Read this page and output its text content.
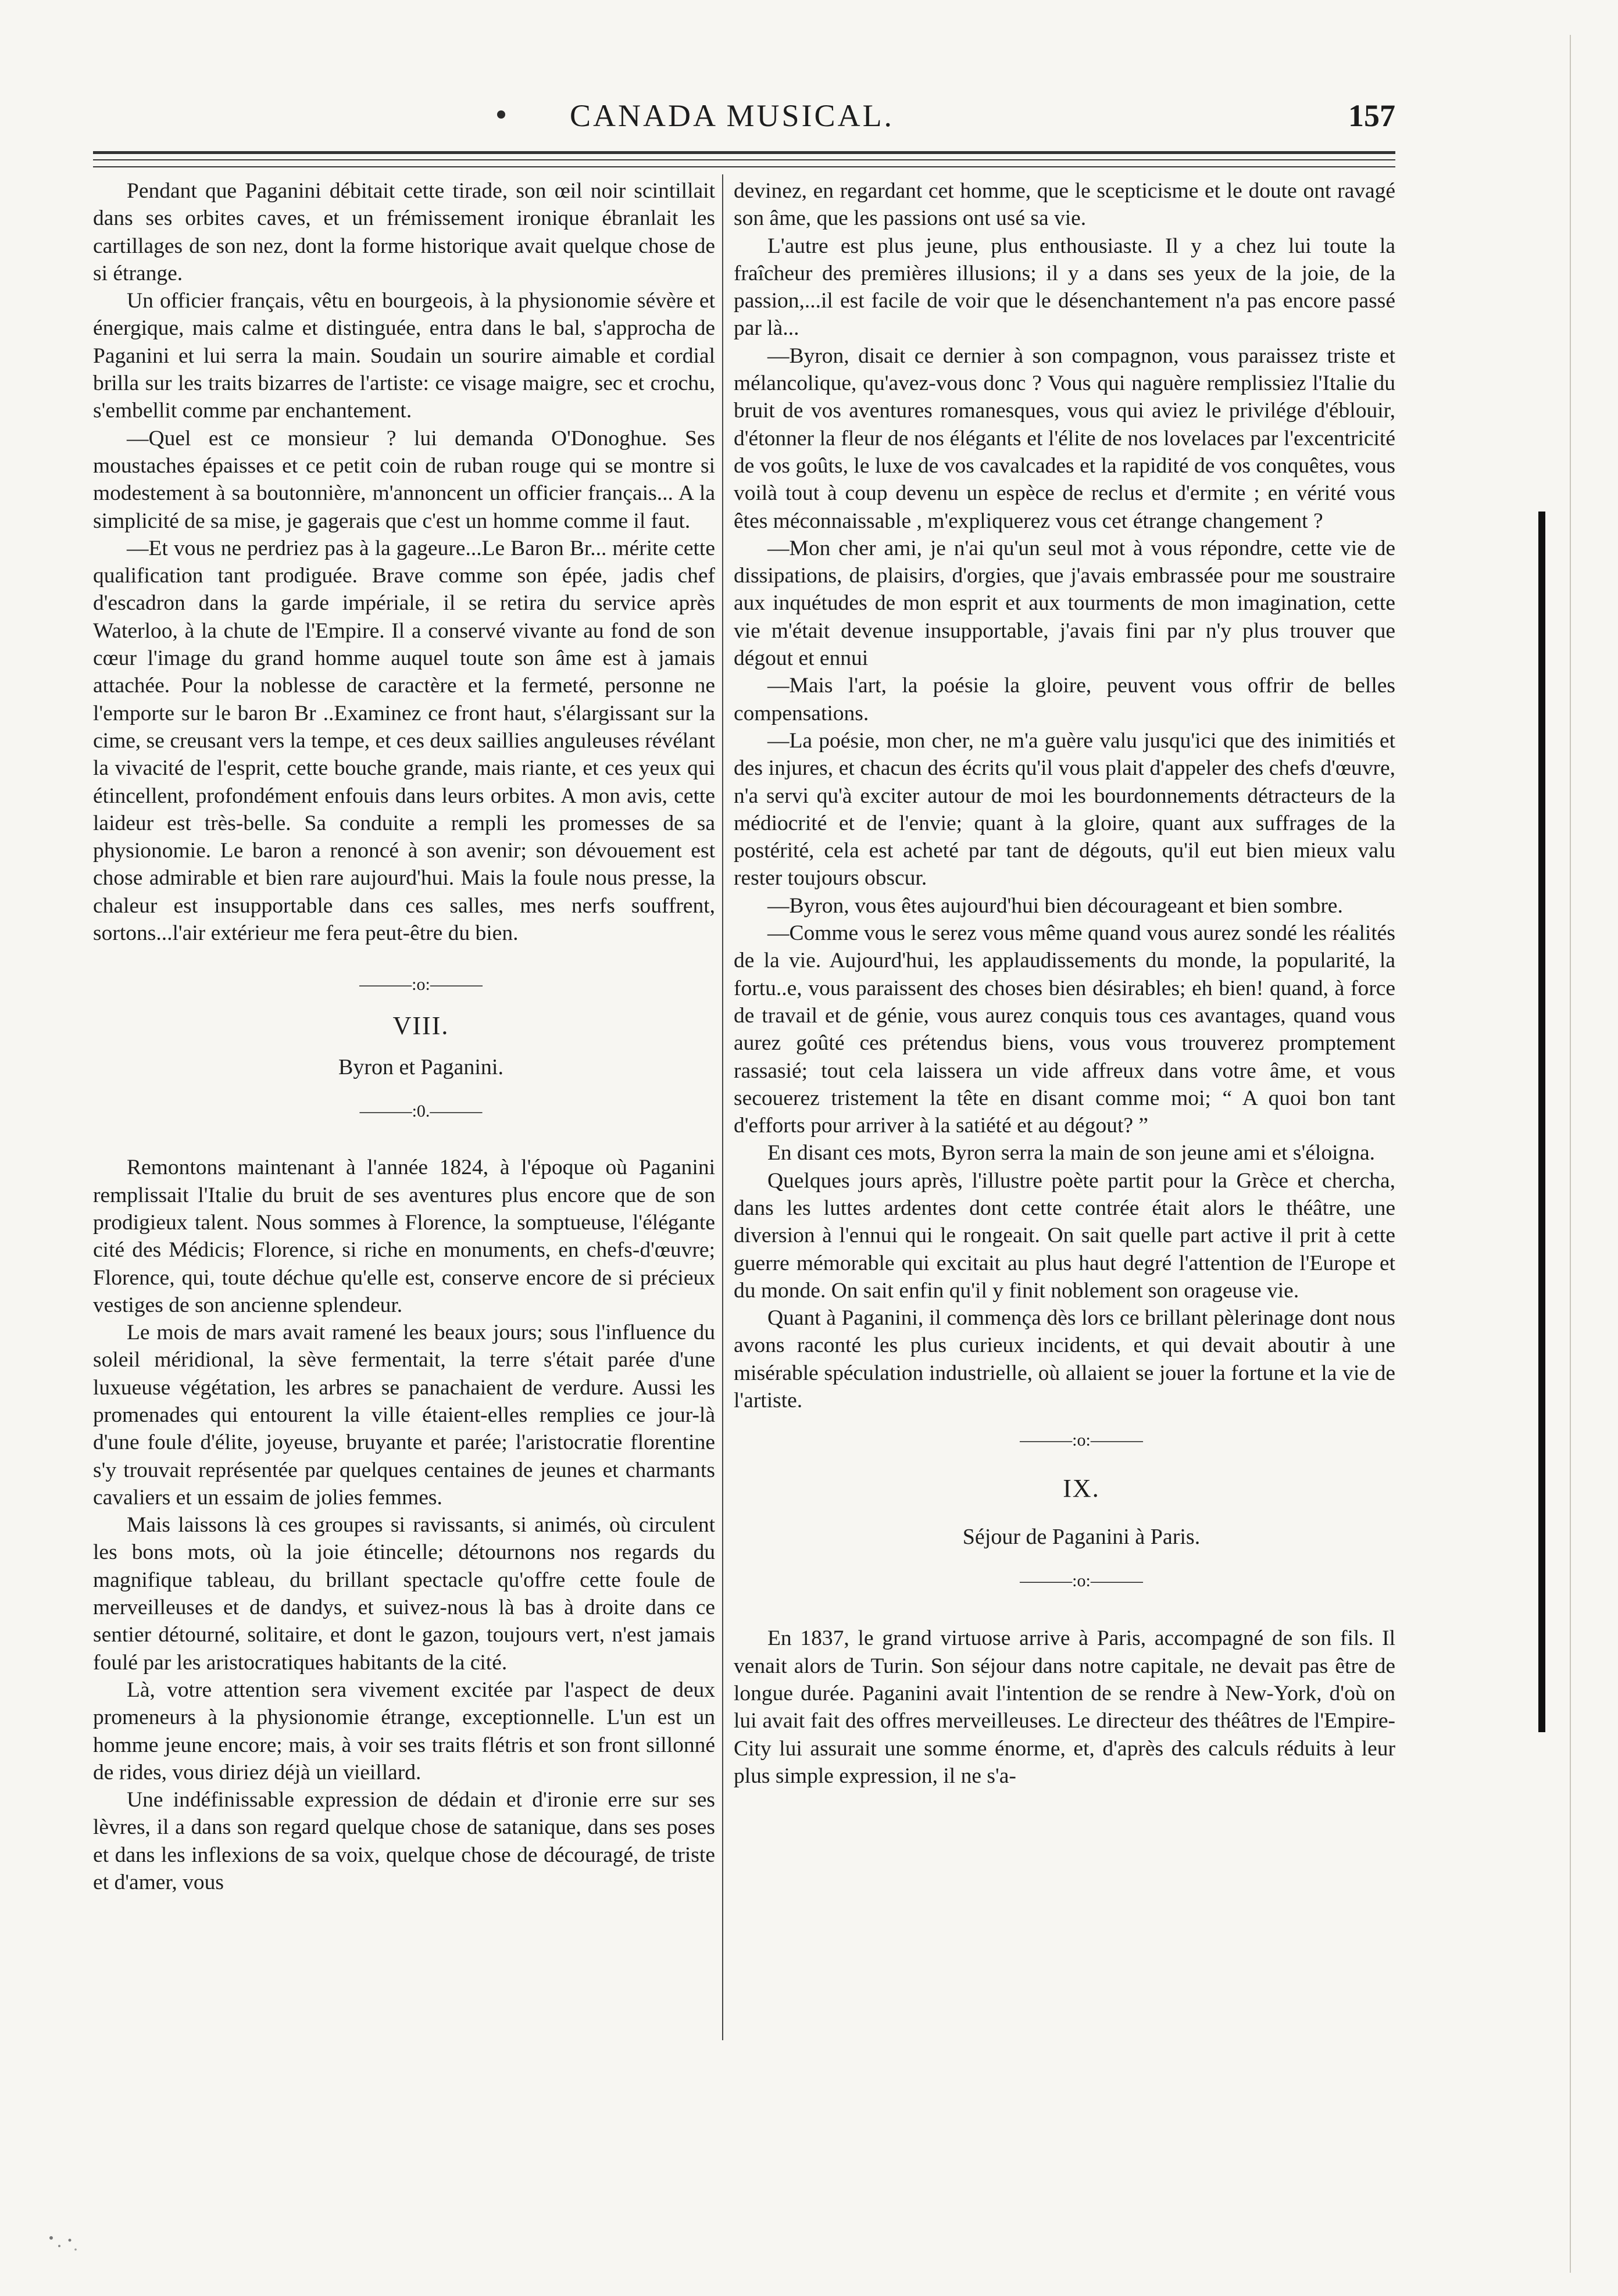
CANADA MUSICAL.	157

Pendant que Paganini débitait cette tirade, son œil noir scintillait dans ses orbites caves, et un frémissement ironique ébranlait les cartillages de son nez, dont la forme historique avait quelque chose de si étrange.

Un officier français, vêtu en bourgeois, à la physionomie sévère et énergique, mais calme et distinguée, entra dans le bal, s'approcha de Paganini et lui serra la main. Soudain un sourire aimable et cordial brilla sur les traits bizarres de l'artiste: ce visage maigre, sec et crochu, s'embellit comme par enchantement.

—Quel est ce monsieur ? lui demanda O'Donoghue. Ses moustaches épaisses et ce petit coin de ruban rouge qui se montre si modestement à sa boutonnière, m'annoncent un officier français... A la simplicité de sa mise, je gagerais que c'est un homme comme il faut.

—Et vous ne perdriez pas à la gageure...Le Baron Br... mérite cette qualification tant prodiguée. Brave comme son épée, jadis chef d'escadron dans la garde impériale, il se retira du service après Waterloo, à la chute de l'Empire. Il a conservé vivante au fond de son cœur l'image du grand homme auquel toute son âme est à jamais attachée. Pour la noblesse de caractère et la fermeté, personne ne l'emporte sur le baron Br ..Examinez ce front haut, s'élargissant sur la cime, se creusant vers la tempe, et ces deux saillies anguleuses révélant la vivacité de l'esprit, cette bouche grande, mais riante, et ces yeux qui étincellent, profondément enfouis dans leurs orbites. A mon avis, cette laideur est très-belle. Sa conduite a rempli les promesses de sa physionomie. Le baron a renoncé à son avenir; son dévouement est chose admirable et bien rare aujourd'hui. Mais la foule nous presse, la chaleur est insupportable dans ces salles, mes nerfs souffrent, sortons...l'air extérieur me fera peut-être du bien.

———:o:———

VIII.

Byron et Paganini.

———:0.———

Remontons maintenant à l'année 1824, à l'époque où Paganini remplissait l'Italie du bruit de ses aventures plus encore que de son prodigieux talent. Nous sommes à Florence, la somptueuse, l'élégante cité des Médicis; Florence, si riche en monuments, en chefs-d'œuvre; Florence, qui, toute déchue qu'elle est, conserve encore de si précieux vestiges de son ancienne splendeur.

Le mois de mars avait ramené les beaux jours; sous l'influence du soleil méridional, la sève fermentait, la terre s'était parée d'une luxueuse végétation, les arbres se panachaient de verdure. Aussi les promenades qui entourent la ville étaient-elles remplies ce jour-là d'une foule d'élite, joyeuse, bruyante et parée; l'aristocratie florentine s'y trouvait représentée par quelques centaines de jeunes et charmants cavaliers et un essaim de jolies femmes.

Mais laissons là ces groupes si ravissants, si animés, où circulent les bons mots, où la joie étincelle; détournons nos regards du magnifique tableau, du brillant spectacle qu'offre cette foule de merveilleuses et de dandys, et suivez-nous là bas à droite dans ce sentier détourné, solitaire, et dont le gazon, toujours vert, n'est jamais foulé par les aristocratiques habitants de la cité.

Là, votre attention sera vivement excitée par l'aspect de deux promeneurs à la physionomie étrange, exceptionnelle. L'un est un homme jeune encore; mais, à voir ses traits flétris et son front sillonné de rides, vous diriez déjà un vieillard.

Une indéfinissable expression de dédain et d'ironie erre sur ses lèvres, il a dans son regard quelque chose de satanique, dans ses poses et dans les inflexions de sa voix, quelque chose de découragé, de triste et d'amer, vous

devinez, en regardant cet homme, que le scepticisme et le doute ont ravagé son âme, que les passions ont usé sa vie.

L'autre est plus jeune, plus enthousiaste. Il y a chez lui toute la fraîcheur des premières illusions; il y a dans ses yeux de la joie, de la passion,...il est facile de voir que le désenchantement n'a pas encore passé par là...

—Byron, disait ce dernier à son compagnon, vous paraissez triste et mélancolique, qu'avez-vous donc ? Vous qui naguère remplissiez l'Italie du bruit de vos aventures romanesques, vous qui aviez le privilége d'éblouir, d'étonner la fleur de nos élégants et l'élite de nos lovelaces par l'excentricité de vos goûts, le luxe de vos cavalcades et la rapidité de vos conquêtes, vous voilà tout à coup devenu un espèce de reclus et d'ermite ; en vérité vous êtes méconnaissable , m'expliquerez vous cet étrange changement ?

—Mon cher ami, je n'ai qu'un seul mot à vous répondre, cette vie de dissipations, de plaisirs, d'orgies, que j'avais embrassée pour me soustraire aux inquétudes de mon esprit et aux tourments de mon imagination, cette vie m'était devenue insupportable, j'avais fini par n'y plus trouver que dégout et ennui

—Mais l'art, la poésie la gloire, peuvent vous offrir de belles compensations.

—La poésie, mon cher, ne m'a guère valu jusqu'ici que des inimitiés et des injures, et chacun des écrits qu'il vous plait d'appeler des chefs d'œuvre, n'a servi qu'à exciter autour de moi les bourdonnements détracteurs de la médiocrité et de l'envie; quant à la gloire, quant aux suffrages de la postérité, cela est acheté par tant de dégouts, qu'il eut bien mieux valu rester toujours obscur.

—Byron, vous êtes aujourd'hui bien décourageant et bien sombre.

—Comme vous le serez vous même quand vous aurez sondé les réalités de la vie. Aujourd'hui, les applaudissements du monde, la popularité, la fortu..e, vous paraissent des choses bien désirables; eh bien! quand, à force de travail et de génie, vous aurez conquis tous ces avantages, quand vous aurez goûté ces prétendus biens, vous vous trouverez promptement rassasié; tout cela laissera un vide affreux dans votre âme, et vous secouerez tristement la tête en disant comme moi; “ A quoi bon tant d'efforts pour arriver à la satiété et au dégout? ”

En disant ces mots, Byron serra la main de son jeune ami et s'éloigna.

Quelques jours après, l'illustre poète partit pour la Grèce et chercha, dans les luttes ardentes dont cette contrée était alors le théâtre, une diversion à l'ennui qui le rongeait. On sait quelle part active il prit à cette guerre mémorable qui excitait au plus haut degré l'attention de l'Europe et du monde. On sait enfin qu'il y finit noblement son orageuse vie.

Quant à Paganini, il commença dès lors ce brillant pèlerinage dont nous avons raconté les plus curieux incidents, et qui devait aboutir à une misérable spéculation industrielle, où allaient se jouer la fortune et la vie de l'artiste.

———:o:———

IX.

Séjour de Paganini à Paris.

———:o:———

En 1837, le grand virtuose arrive à Paris, accompagné de son fils. Il venait alors de Turin. Son séjour dans notre capitale, ne devait pas être de longue durée. Paganini avait l'intention de se rendre à New-York, d'où on lui avait fait des offres merveilleuses. Le directeur des théâtres de l'Empire-City lui assurait une somme énorme, et, d'après des calculs réduits à leur plus simple expression, il ne s'a-
